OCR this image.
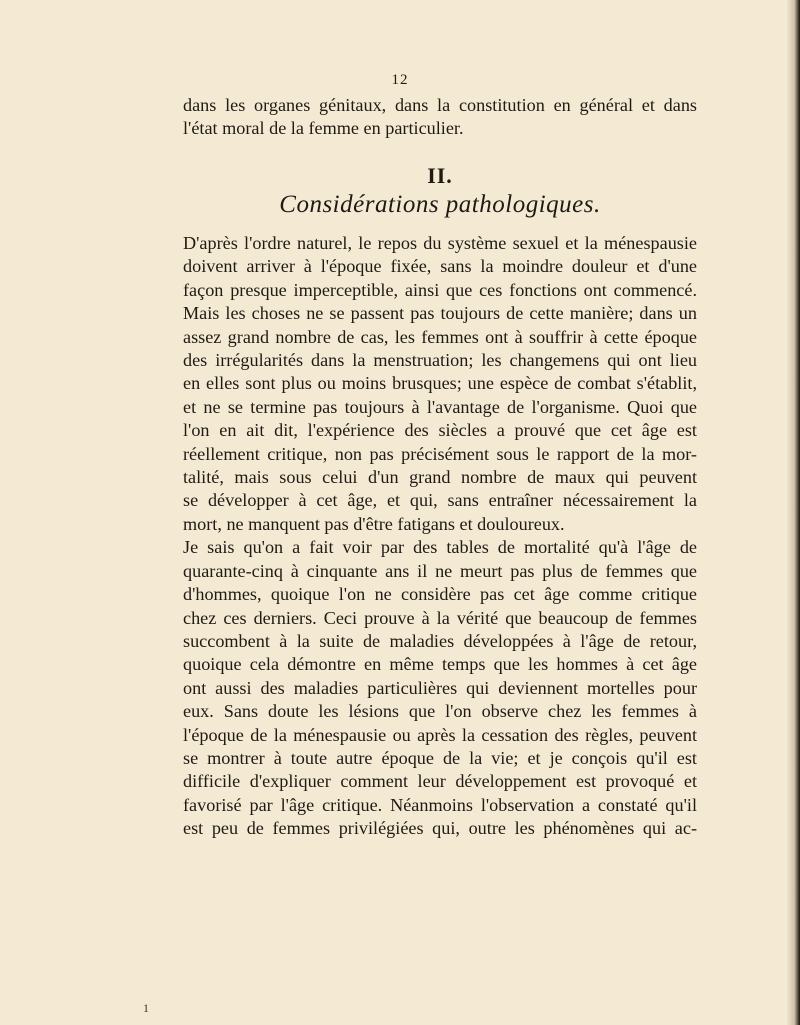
12
dans les organes génitaux, dans la constitution en général et dans
l'état moral de la femme en particulier.
II.
Considérations pathologiques.
D'après l'ordre naturel, le repos du système sexuel et la ménespausie
doivent arriver à l'époque fixée, sans la moindre douleur et d'une
façon presque imperceptible, ainsi que ces fonctions ont commencé.
Mais les choses ne se passent pas toujours de cette manière; dans un
assez grand nombre de cas, les femmes ont à souffrir à cette époque
des irrégularités dans la menstruation; les changemens qui ont lieu
en elles sont plus ou moins brusques; une espèce de combat s'établit,
et ne se termine pas toujours à l'avantage de l'organisme. Quoi que
l'on en ait dit, l'expérience des siècles a prouvé que cet âge est
réellement critique, non pas précisément sous le rapport de la mor-
talité, mais sous celui d'un grand nombre de maux qui peuvent
se développer à cet âge, et qui, sans entraîner nécessairement la
mort, ne manquent pas d'être fatigans et douloureux.
Je sais qu'on a fait voir par des tables de mortalité qu'à l'âge de
quarante-cinq à cinquante ans il ne meurt pas plus de femmes que
d'hommes, quoique l'on ne considère pas cet âge comme critique
chez ces derniers. Ceci prouve à la vérité que beaucoup de femmes
succombent à la suite de maladies développées à l'âge de retour,
quoique cela démontre en même temps que les hommes à cet âge
ont aussi des maladies particulières qui deviennent mortelles pour
eux. Sans doute les lésions que l'on observe chez les femmes à
l'époque de la ménespausie ou après la cessation des règles, peuvent
se montrer à toute autre époque de la vie; et je conçois qu'il est
difficile d'expliquer comment leur développement est provoqué et
favorisé par l'âge critique. Néanmoins l'observation a constaté qu'il
est peu de femmes privilégiées qui, outre les phénomènes qui ac-
1
